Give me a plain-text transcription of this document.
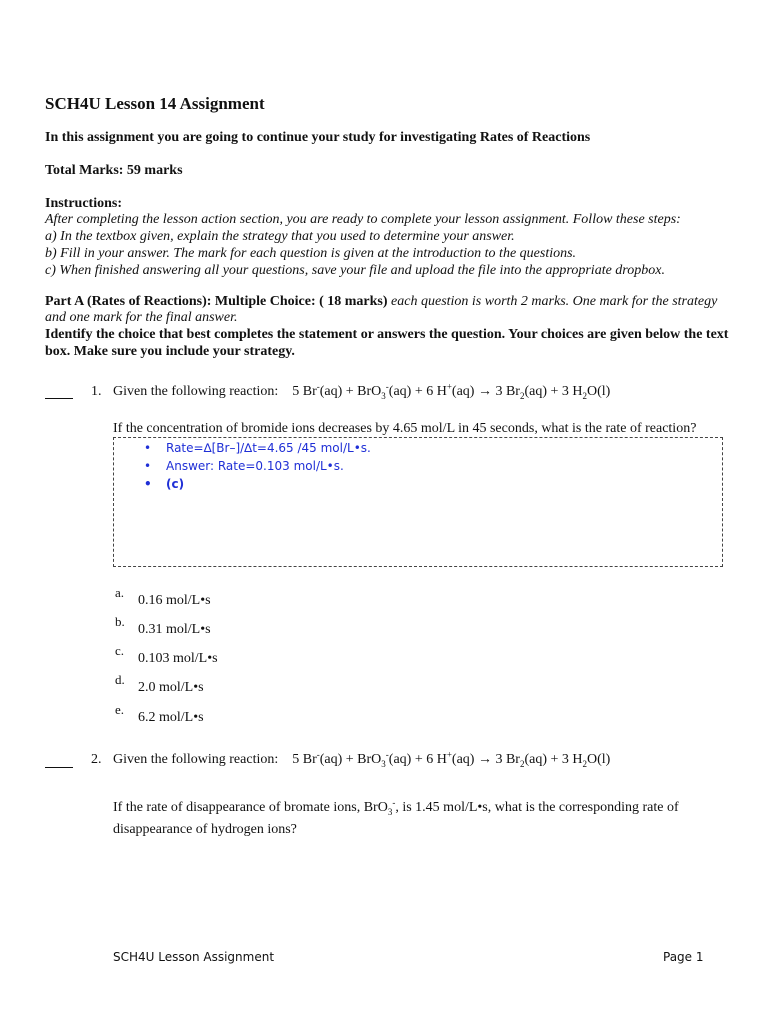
SCH4U Lesson 14 Assignment
In this assignment you are going to continue your study for investigating Rates of Reactions
Total Marks: 59 marks
Instructions:
After completing the lesson action section, you are ready to complete your lesson assignment. Follow these steps:
a) In the textbox given, explain the strategy that you used to determine your answer.
b) Fill in your answer. The mark for each question is given at the introduction to the questions.
c) When finished answering all your questions, save your file and upload the file into the appropriate dropbox.
Part A (Rates of Reactions): Multiple Choice: ( 18 marks) each question is worth 2 marks. One mark for the strategy and one mark for the final answer.
Identify the choice that best completes the statement or answers the question. Your choices are given below the text box. Make sure you include your strategy.
1. Given the following reaction: 5 Br-(aq) + BrO$_3$-(aq) + 6 H+(aq) → 3 $Br_2(aq) + 3$ $H_2O(l)$
If the concentration of bromide ions decreases by 4.65 mol/L in 45 seconds, what is the rate of reaction?
• Rate=∆[Br–]/∆t=4.65 /45 mol/L•s.
• Answer: Rate=0.103 mol/L•s.
• (c)
a.
0.16 mol/L•s
b.
0.31 mol/L•s
c.
0.103 mol/L•s
d.
2.0 mol/L•s
e.
6.2 mol/L•s
2. Given the following reaction: 5 Br-(aq) + BrO$_3$-(aq) + 6 H+(aq) → 3 $Br_2(aq) + 3$ $H_2O(l)$
If the rate of disappearance of bromate ions, BrO$_3$-, is 1.45 mol/L•s, what is the corresponding rate of disappearance of hydrogen ions?
SCH4U Lesson Assignment	Page 1
